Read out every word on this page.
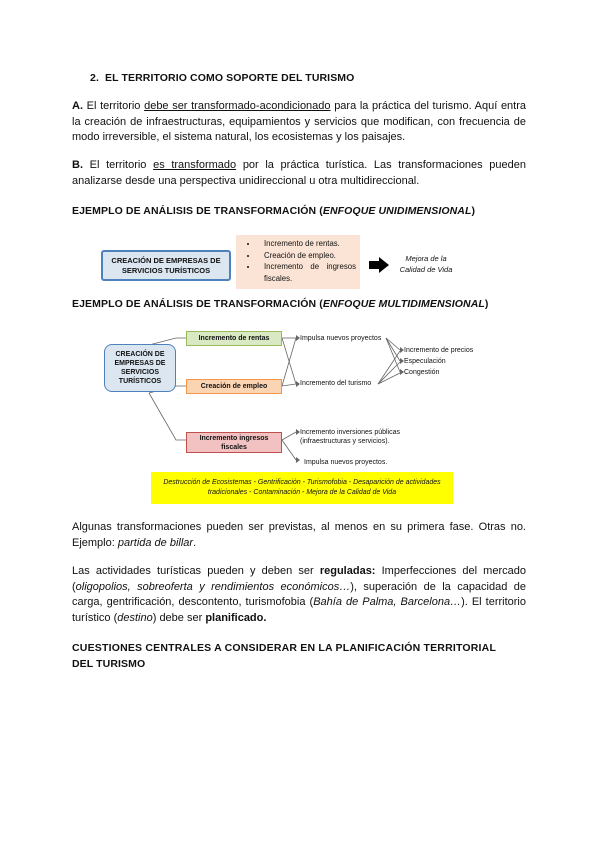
2. EL TERRITORIO COMO SOPORTE DEL TURISMO
A. El territorio debe ser transformado-acondicionado para la práctica del turismo. Aquí entra la creación de infraestructuras, equipamientos y servicios que modifican, con frecuencia de modo irreversible, el sistema natural, los ecosistemas y los paisajes.
B. El territorio es transformado por la práctica turística. Las transformaciones pueden analizarse desde una perspectiva unidireccional u otra multidireccional.
EJEMPLO DE ANÁLISIS DE TRANSFORMACIÓN (ENFOQUE UNIDIMENSIONAL)
CREACIÓN DE EMPRESAS DE SERVICIOS TURÍSTICOS
• Incremento de rentas.
• Creación de empleo.
• Incremento de ingresos
fiscales.
Mejora de la Calidad de Vida
EJEMPLO DE ANÁLISIS DE TRANSFORMACIÓN (ENFOQUE MULTIDIMENSIONAL)
CREACIÓN DE EMPRESAS DE SERVICIOS TURÍSTICOS
Incremento de rentas
Creación de empleo
Incremento ingresos fiscales
Impulsa nuevos proyectos
Incremento del turismo
Incremento de precios
Especulación
Congestión
Incremento inversiones públicas (infraestructuras y servicios).
Impulsa nuevos proyectos.
Destrucción de Ecosistemas - Gentrificación - Turismofobia - Desaparición de actividades tradicionales - Contaminación - Mejora de la Calidad de Vida
Algunas transformaciones pueden ser previstas, al menos en su primera fase. Otras no. Ejemplo: partida de billar.
Las actividades turísticas pueden y deben ser reguladas: Imperfecciones del mercado (oligopolios, sobreoferta y rendimientos económicos…), superación de la capacidad de carga, gentrificación, descontento, turismofobia (Bahía de Palma, Barcelona…). El territorio turístico (destino) debe ser planificado.
CUESTIONES CENTRALES A CONSIDERAR EN LA PLANIFICACIÓN TERRITORIAL
DEL TURISMO
